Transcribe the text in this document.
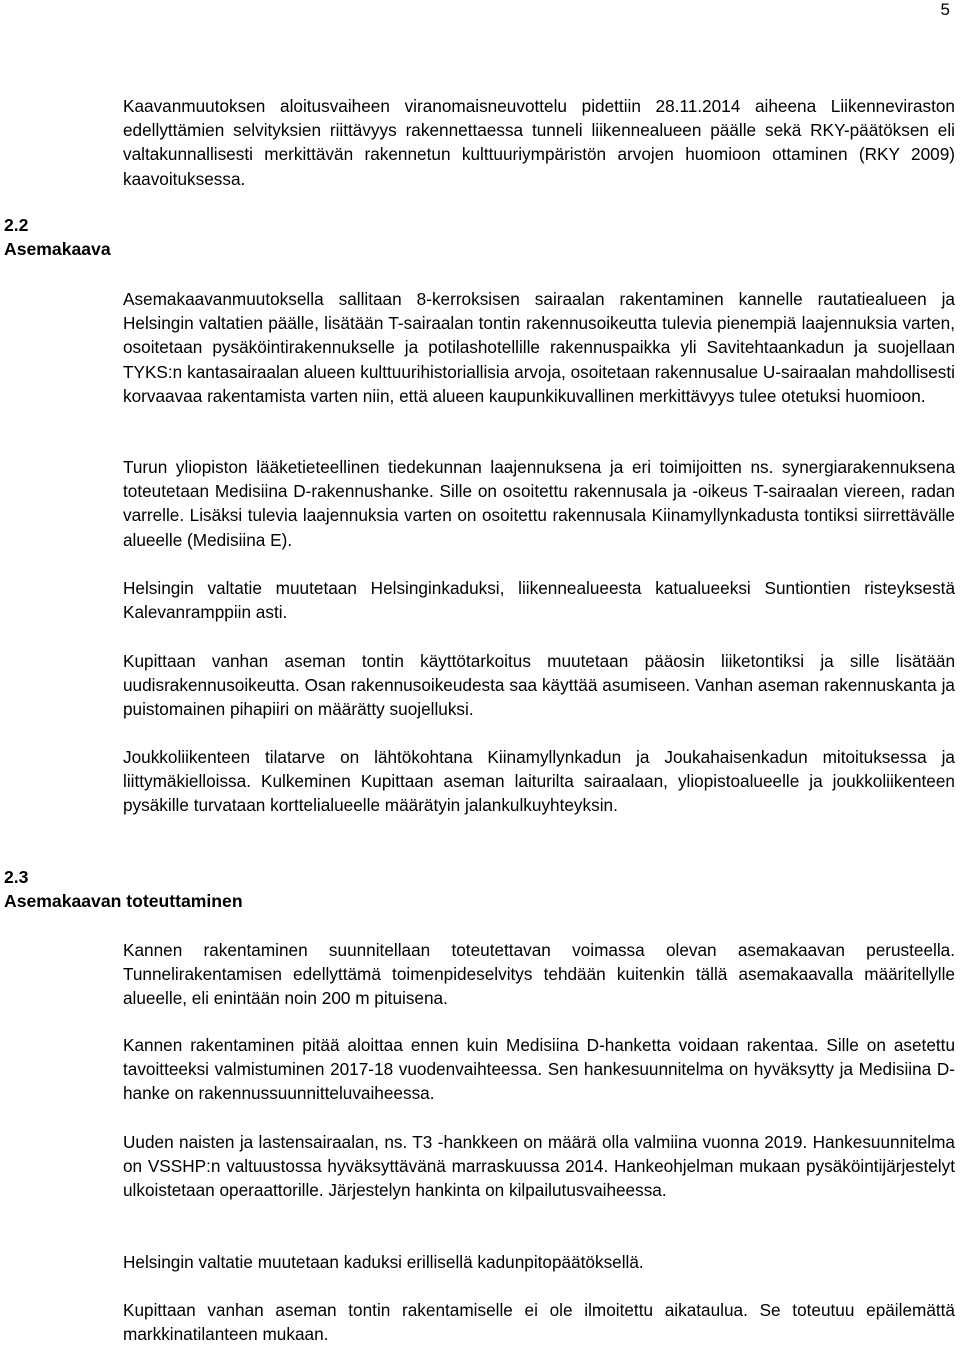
5

Kaavanmuutoksen aloitusvaiheen viranomaisneuvottelu pidettiin 28.11.2014 aiheena Liikenneviraston edellyttämien selvityksien riittävyys rakennettaessa tunneli liikennealueen päälle sekä RKY-päätöksen eli valtakunnallisesti merkittävän rakennetun kulttuuriympäristön arvojen huomioon ottaminen (RKY 2009) kaavoituksessa.

2.2
Asemakaava

Asemakaavanmuutoksella sallitaan 8-kerroksisen sairaalan rakentaminen kannelle rautatiealueen ja Helsingin valtatien päälle, lisätään T-sairaalan tontin rakennusoikeutta tulevia pienempiä laajennuksia varten, osoitetaan pysäköintirakennukselle ja potilashotellille rakennuspaikka yli Savitehtaankadun ja suojellaan TYKS:n kantasairaalan alueen kulttuurihistoriallisia arvoja, osoitetaan rakennusalue U-sairaalan mahdollisesti korvaavaa rakentamista varten niin, että alueen kaupunkikuvallinen merkittävyys tulee otetuksi huomioon.

Turun yliopiston lääketieteellinen tiedekunnan laajennuksena ja eri toimijoitten ns. synergiarakennuksena toteutetaan Medisiina D-rakennushanke. Sille on osoitettu rakennusala ja -oikeus T-sairaalan viereen, radan varrelle. Lisäksi tulevia laajennuksia varten on osoitettu rakennusala Kiinamyllynkadusta tontiksi siirrettävälle alueelle (Medisiina E).

Helsingin valtatie muutetaan Helsinginkaduksi, liikennealueesta katualueeksi Suntiontien risteyksestä Kalevanramppiin asti.

Kupittaan vanhan aseman tontin käyttötarkoitus muutetaan pääosin liiketontiksi ja sille lisätään uudisrakennusoikeutta. Osan rakennusoikeudesta saa käyttää asumiseen. Vanhan aseman rakennuskanta ja puistomainen pihapiiri on määrätty suojelluksi.

Joukkoliikenteen tilatarve on lähtökohtana Kiinamyllynkadun ja Joukahaisenkadun mitoituksessa ja liittymäkielloissa. Kulkeminen Kupittaan aseman laiturilta sairaalaan, yliopistoalueelle ja joukkoliikenteen pysäkille turvataan korttelialueelle määrätyin jalankulkuyhteyksin.

2.3
Asemakaavan toteuttaminen

Kannen rakentaminen suunnitellaan toteutettavan voimassa olevan asemakaavan perusteella. Tunnelirakentamisen edellyttämä toimenpideselvitys tehdään kuitenkin tällä asemakaavalla määritellylle alueelle, eli enintään noin 200 m pituisena.

Kannen rakentaminen pitää aloittaa ennen kuin Medisiina D-hanketta voidaan rakentaa. Sille on asetettu tavoitteeksi valmistuminen 2017-18 vuodenvaihteessa. Sen hankesuunnitelma on hyväksytty ja Medisiina D-hanke on rakennussuunnitteluvaiheessa.

Uuden naisten ja lastensairaalan, ns. T3 -hankkeen on määrä olla valmiina vuonna 2019. Hankesuunnitelma on VSSHP:n valtuustossa hyväksyttävänä marraskuussa 2014. Hankeohjelman mukaan pysäköintijärjestelyt ulkoistetaan operaattorille. Järjestelyn hankinta on kilpailutusvaiheessa.

Helsingin valtatie muutetaan kaduksi erillisellä kadunpitopäätöksellä.

Kupittaan vanhan aseman tontin rakentamiselle ei ole ilmoitettu aikataulua. Se toteutuu epäilemättä markkinatilanteen mukaan.
